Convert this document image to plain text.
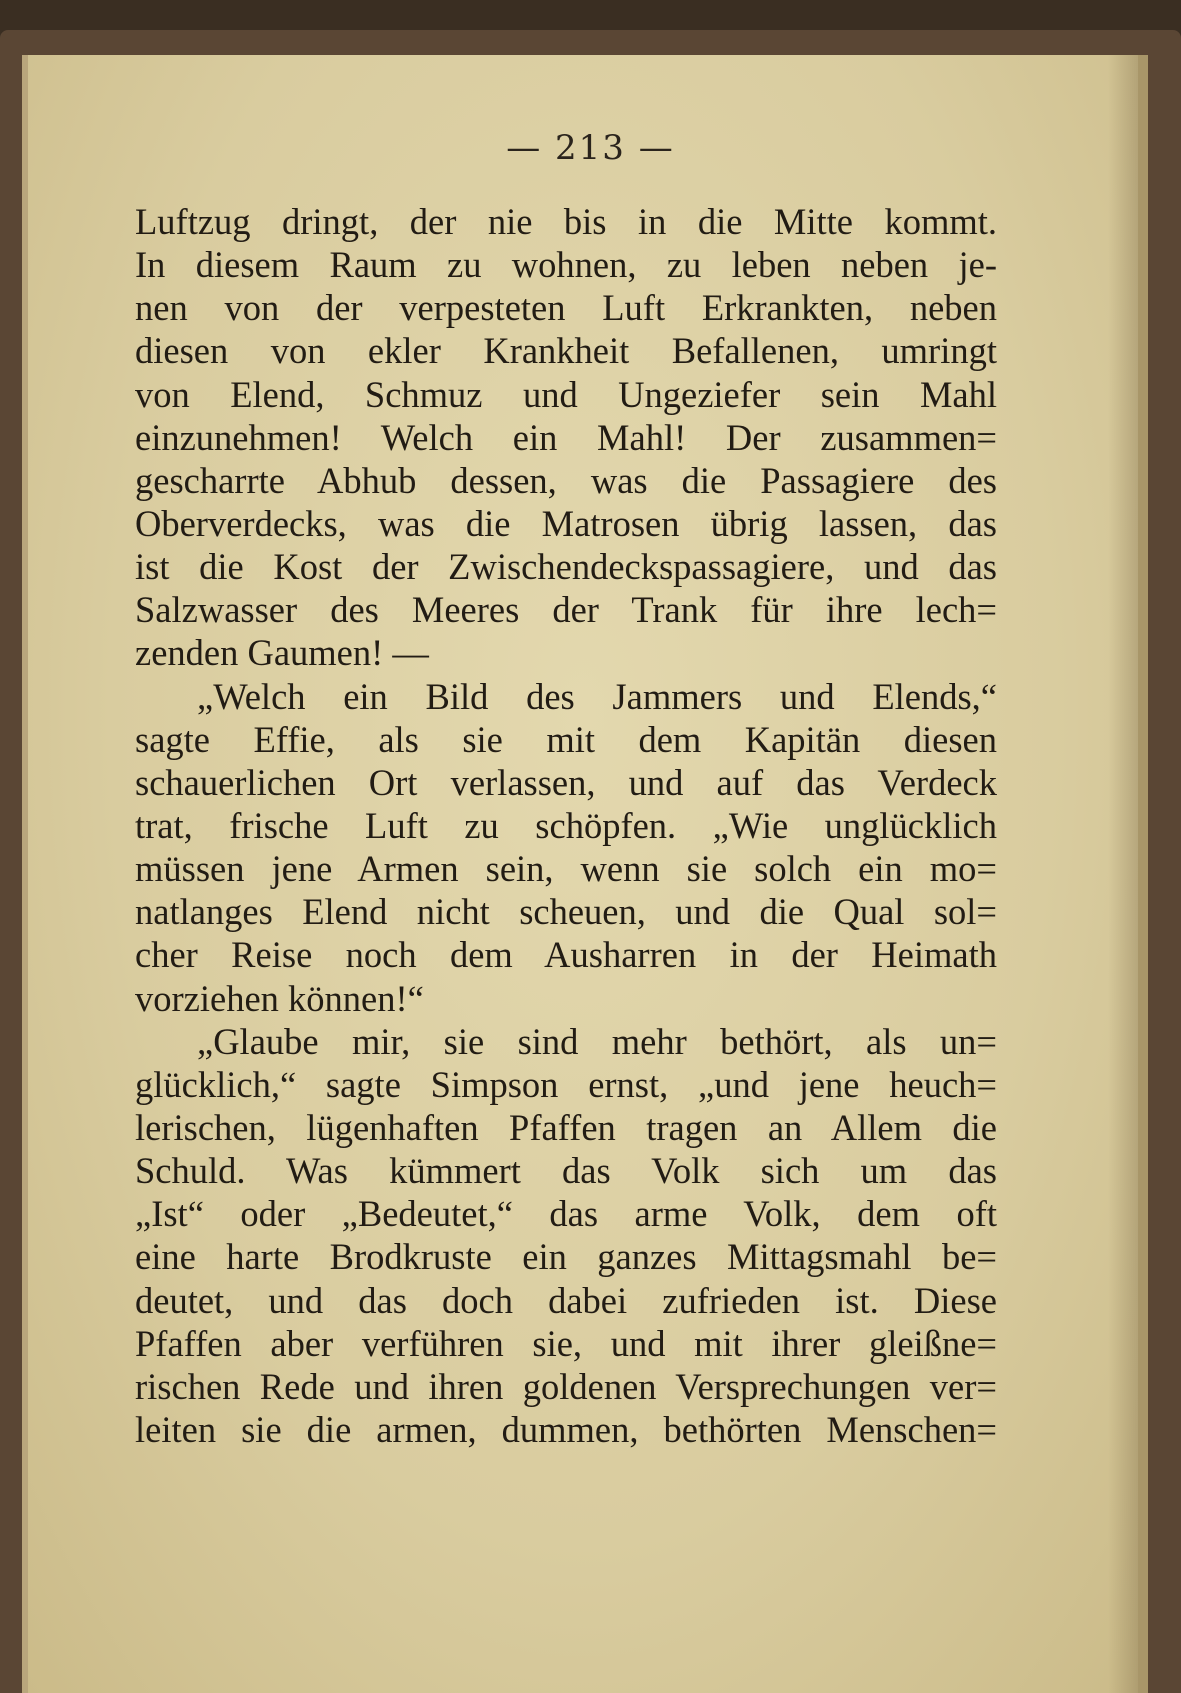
— 213 —
Luftzug dringt, der nie bis in die Mitte kommt.
In diesem Raum zu wohnen, zu leben neben je-
nen von der verpesteten Luft Erkrankten, neben
diesen von ekler Krankheit Befallenen, umringt
von Elend, Schmuz und Ungeziefer sein Mahl
einzunehmen! Welch ein Mahl! Der zusammen=
gescharrte Abhub dessen, was die Passagiere des
Oberverdecks, was die Matrosen übrig lassen, das
ist die Kost der Zwischendeckspassagiere, und das
Salzwasser des Meeres der Trank für ihre lech=
zenden Gaumen! —
„Welch ein Bild des Jammers und Elends,“
sagte Effie, als sie mit dem Kapitän diesen
schauerlichen Ort verlassen, und auf das Verdeck
trat, frische Luft zu schöpfen. „Wie unglücklich
müssen jene Armen sein, wenn sie solch ein mo=
natlanges Elend nicht scheuen, und die Qual sol=
cher Reise noch dem Ausharren in der Heimath
vorziehen können!“
„Glaube mir, sie sind mehr bethört, als un=
glücklich,“ sagte Simpson ernst, „und jene heuch=
lerischen, lügenhaften Pfaffen tragen an Allem die
Schuld. Was kümmert das Volk sich um das
„Ist“ oder „Bedeutet,“ das arme Volk, dem oft
eine harte Brodkruste ein ganzes Mittagsmahl be=
deutet, und das doch dabei zufrieden ist. Diese
Pfaffen aber verführen sie, und mit ihrer gleißne=
rischen Rede und ihren goldenen Versprechungen ver=
leiten sie die armen, dummen, bethörten Menschen=
